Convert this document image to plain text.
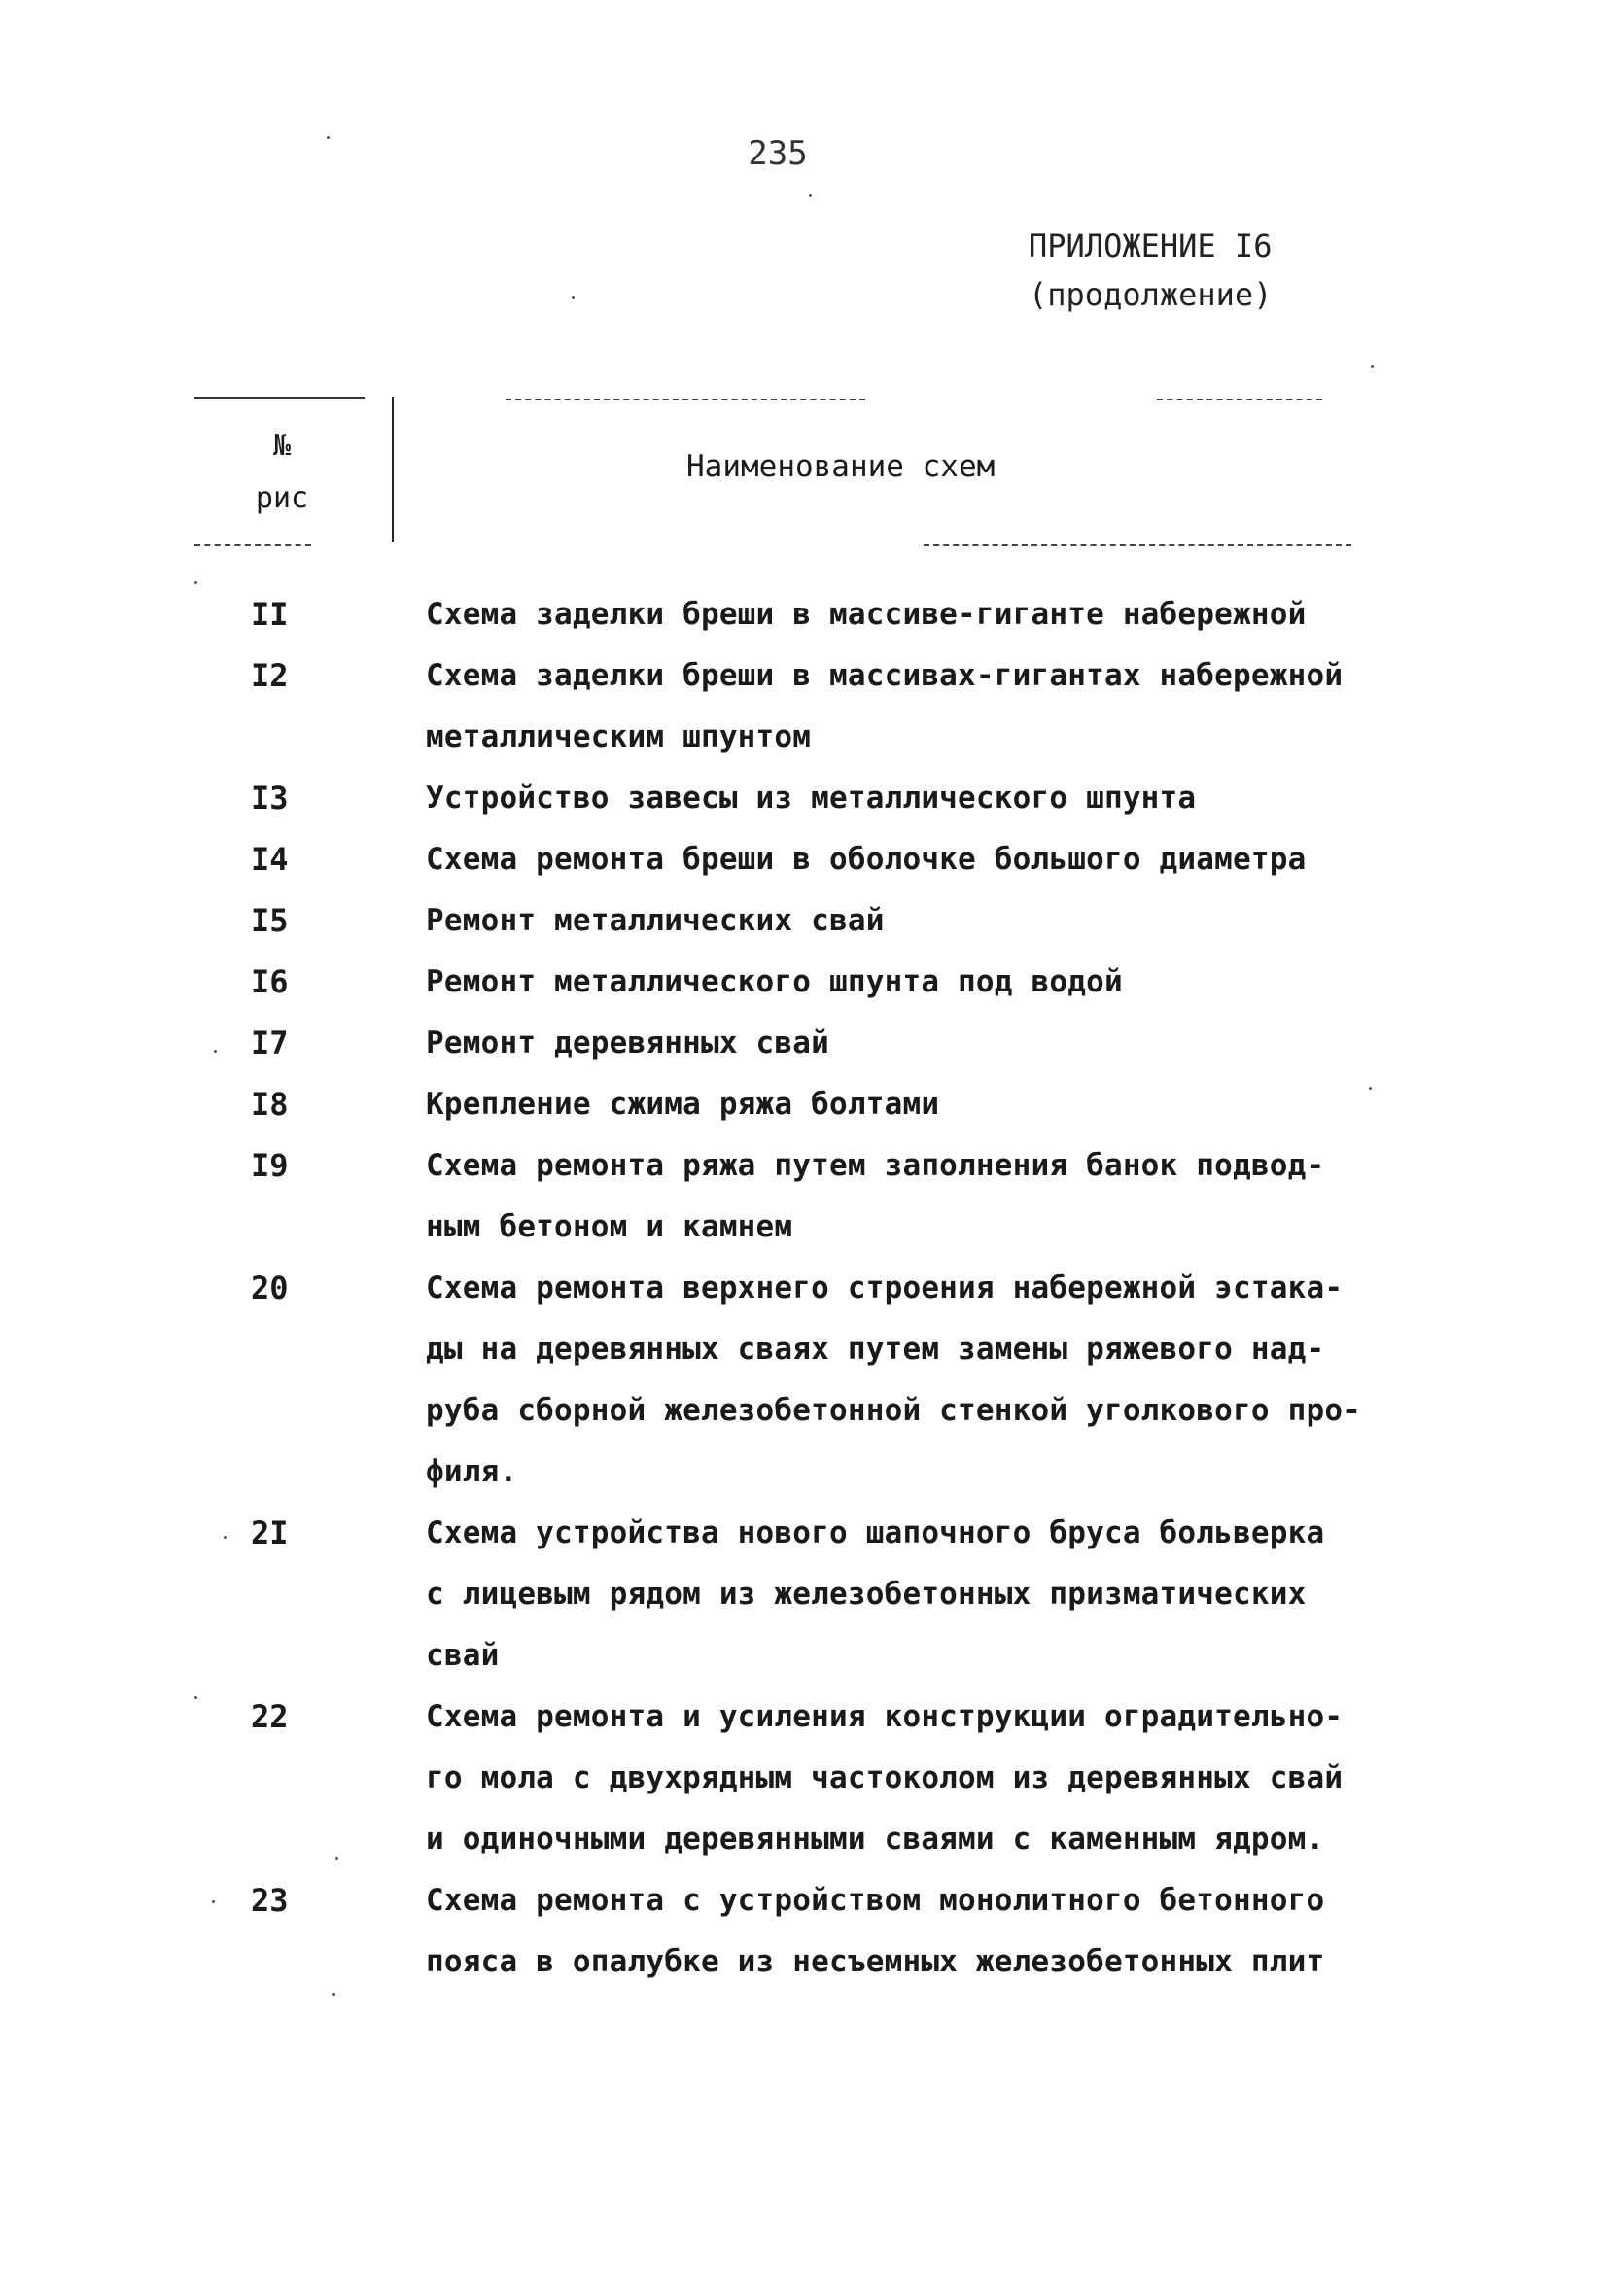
235
ПРИЛОЖЕНИЕ I6
(продолжение)
№
рис
Наименование схем
II	Схема заделки бреши в массиве-гиганте набережной
I2	Схема заделки бреши в массивах-гигантах набережной
металлическим шпунтом
I3	Устройство завесы из металлического шпунта
I4	Схема ремонта бреши в оболочке большого диаметра
I5	Ремонт металлических свай
I6	Ремонт металлического шпунта под водой
I7	Ремонт деревянных свай
I8	Крепление сжима ряжа болтами
I9	Схема ремонта ряжа путем заполнения банок подвод-
ным бетоном и камнем
20	Схема ремонта верхнего строения набережной эстака-
ды на деревянных сваях путем замены ряжевого над-
руба сборной железобетонной стенкой уголкового про-
филя.
2I	Схема устройства нового шапочного бруса больверка
с лицевым рядом из железобетонных призматических
свай
22	Схема ремонта и усиления конструкции оградительно-
го мола с двухрядным частоколом из деревянных свай
и одиночными деревянными сваями с каменным ядром.
23	Схема ремонта с устройством монолитного бетонного
пояса в опалубке из несъемных железобетонных плит
